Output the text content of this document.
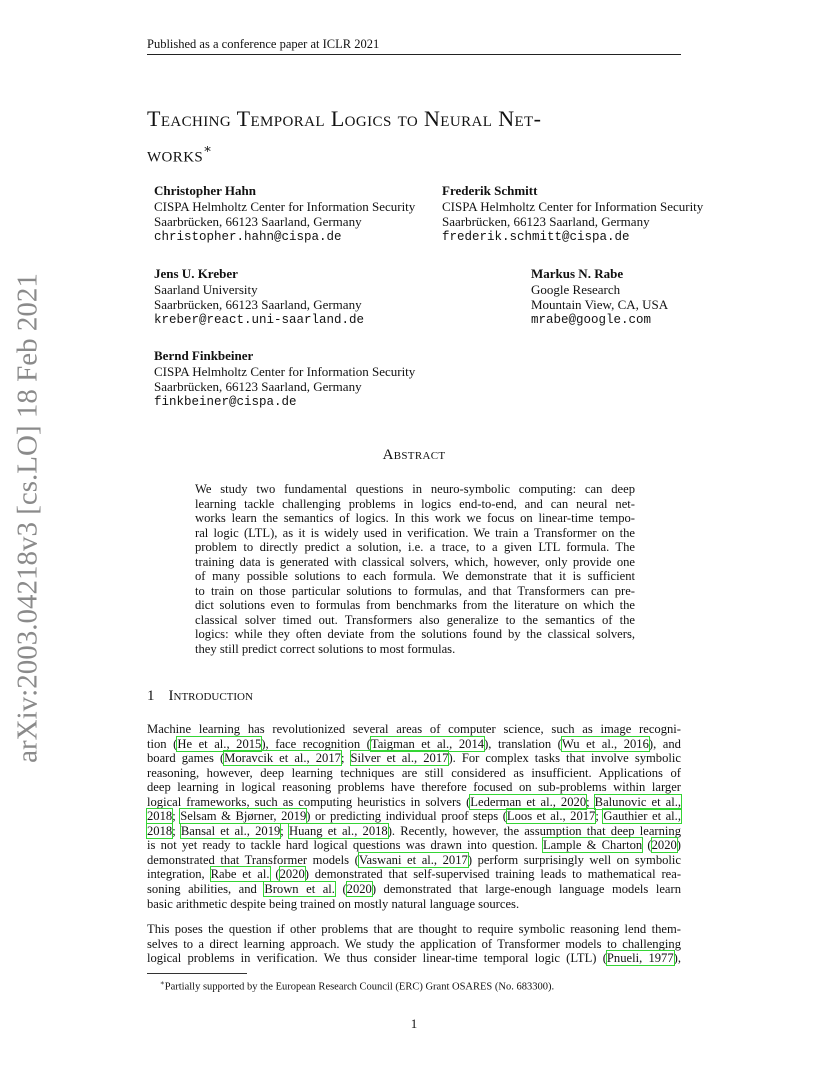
Published as a conference paper at ICLR 2021
Teaching Temporal Logics to Neural Net-
works∗
Christopher Hahn
CISPA Helmholtz Center for Information Security
Saarbrücken, 66123 Saarland, Germany
christopher.hahn@cispa.de
Frederik Schmitt
CISPA Helmholtz Center for Information Security
Saarbrücken, 66123 Saarland, Germany
frederik.schmitt@cispa.de
Jens U. Kreber
Saarland University
Saarbrücken, 66123 Saarland, Germany
kreber@react.uni-saarland.de
Markus N. Rabe
Google Research
Mountain View, CA, USA
mrabe@google.com
Bernd Finkbeiner
CISPA Helmholtz Center for Information Security
Saarbrücken, 66123 Saarland, Germany
finkbeiner@cispa.de
arXiv:2003.04218v3 [cs.LO] 18 Feb 2021	Abstract
We study two fundamental questions in neuro-symbolic computing: can deep
learning tackle challenging problems in logics end-to-end, and can neural net-
works learn the semantics of logics. In this work we focus on linear-time tempo-
ral logic (LTL), as it is widely used in verification. We train a Transformer on the
problem to directly predict a solution, i.e. a trace, to a given LTL formula. The
training data is generated with classical solvers, which, however, only provide one
of many possible solutions to each formula. We demonstrate that it is sufficient
to train on those particular solutions to formulas, and that Transformers can pre-
dict solutions even to formulas from benchmarks from the literature on which the
classical solver timed out. Transformers also generalize to the semantics of the
logics: while they often deviate from the solutions found by the classical solvers,
they still predict correct solutions to most formulas.
1 Introduction
Machine learning has revolutionized several areas of computer science, such as image recogni-
tion (He et al., 2015), face recognition (Taigman et al., 2014), translation (Wu et al., 2016), and
board games (Moravcik et al., 2017; Silver et al., 2017). For complex tasks that involve symbolic
reasoning, however, deep learning techniques are still considered as insufficient. Applications of
deep learning in logical reasoning problems have therefore focused on sub-problems within larger
logical frameworks, such as computing heuristics in solvers (Lederman et al., 2020; Balunovic et al.,
2018; Selsam & Bjørner, 2019) or predicting individual proof steps (Loos et al., 2017; Gauthier et al.,
2018; Bansal et al., 2019; Huang et al., 2018). Recently, however, the assumption that deep learning
is not yet ready to tackle hard logical questions was drawn into question. Lample & Charton (2020)
demonstrated that Transformer models (Vaswani et al., 2017) perform surprisingly well on symbolic
integration, Rabe et al. (2020) demonstrated that self-supervised training leads to mathematical rea-
soning abilities, and Brown et al. (2020) demonstrated that large-enough language models learn
basic arithmetic despite being trained on mostly natural language sources.
This poses the question if other problems that are thought to require symbolic reasoning lend them-
selves to a direct learning approach. We study the application of Transformer models to challenging
logical problems in verification. We thus consider linear-time temporal logic (LTL) (Pnueli, 1977),
∗Partially supported by the European Research Council (ERC) Grant OSARES (No. 683300).
1
